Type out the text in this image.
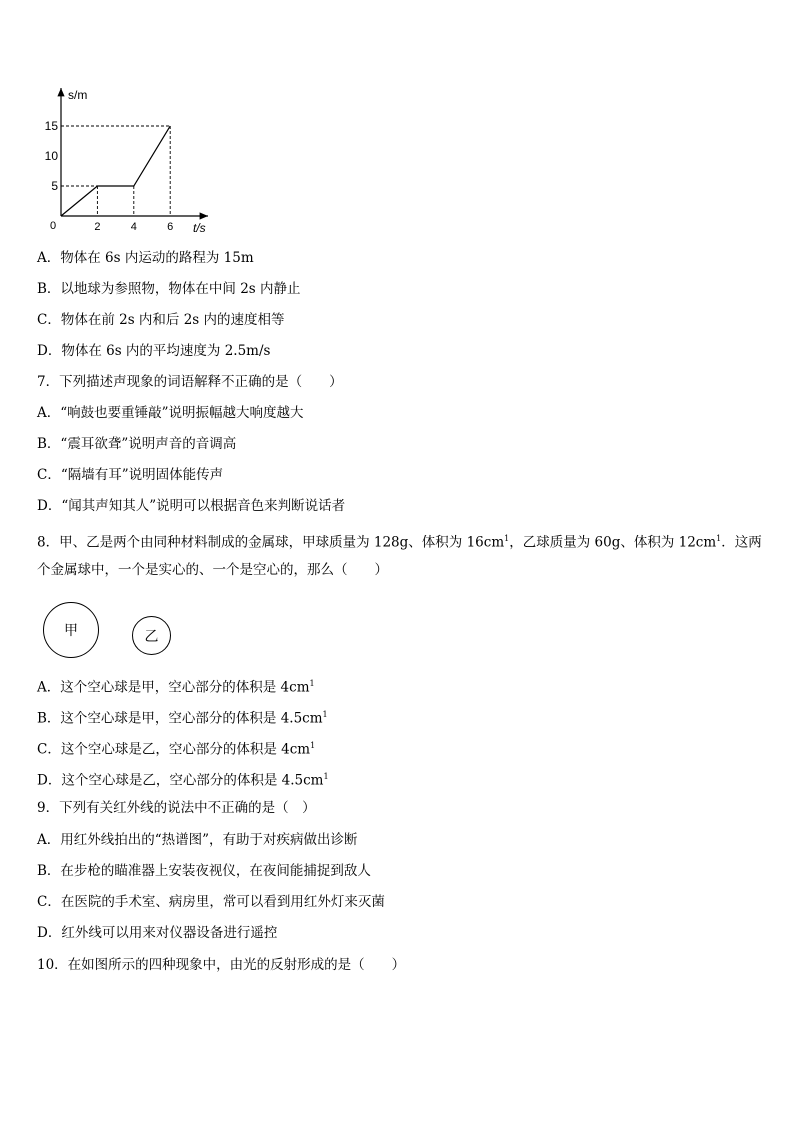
0	2	4	6
5
10
15
s/m
t/s
A．物体在 6s 内运动的路程为 15m
B．以地球为参照物，物体在中间 2s 内静止
C．物体在前 2s 内和后 2s 内的速度相等
D．物体在 6s 内的平均速度为 2.5m/s
7．下列描述声现象的词语解释不正确的是（　　）
A．“响鼓也要重锤敲”说明振幅越大响度越大
B．“震耳欲聋”说明声音的音调高
C．“隔墙有耳”说明固体能传声
D．“闻其声知其人”说明可以根据音色来判断说话者
8．甲、乙是两个由同种材料制成的金属球，甲球质量为 128g、体积为 $16cm^1$，乙球质量为 60g、体积为 $12cm^1$．这两
个金属球中，一个是实心的、一个是空心的，那么（　　）
甲	乙
A．这个空心球是甲，空心部分的体积是 $4cm^1$
B．这个空心球是甲，空心部分的体积是 $4.5cm^1$
C．这个空心球是乙，空心部分的体积是 $4cm^1$
D．这个空心球是乙，空心部分的体积是 $4.5cm^1$
9．下列有关红外线的说法中不正确的是（　）
A．用红外线拍出的“热谱图”，有助于对疾病做出诊断
B．在步枪的瞄准器上安装夜视仪，在夜间能捕捉到敌人
C．在医院的手术室、病房里，常可以看到用红外灯来灭菌
D．红外线可以用来对仪器设备进行遥控
10．在如图所示的四种现象中，由光的反射形成的是（　　）
